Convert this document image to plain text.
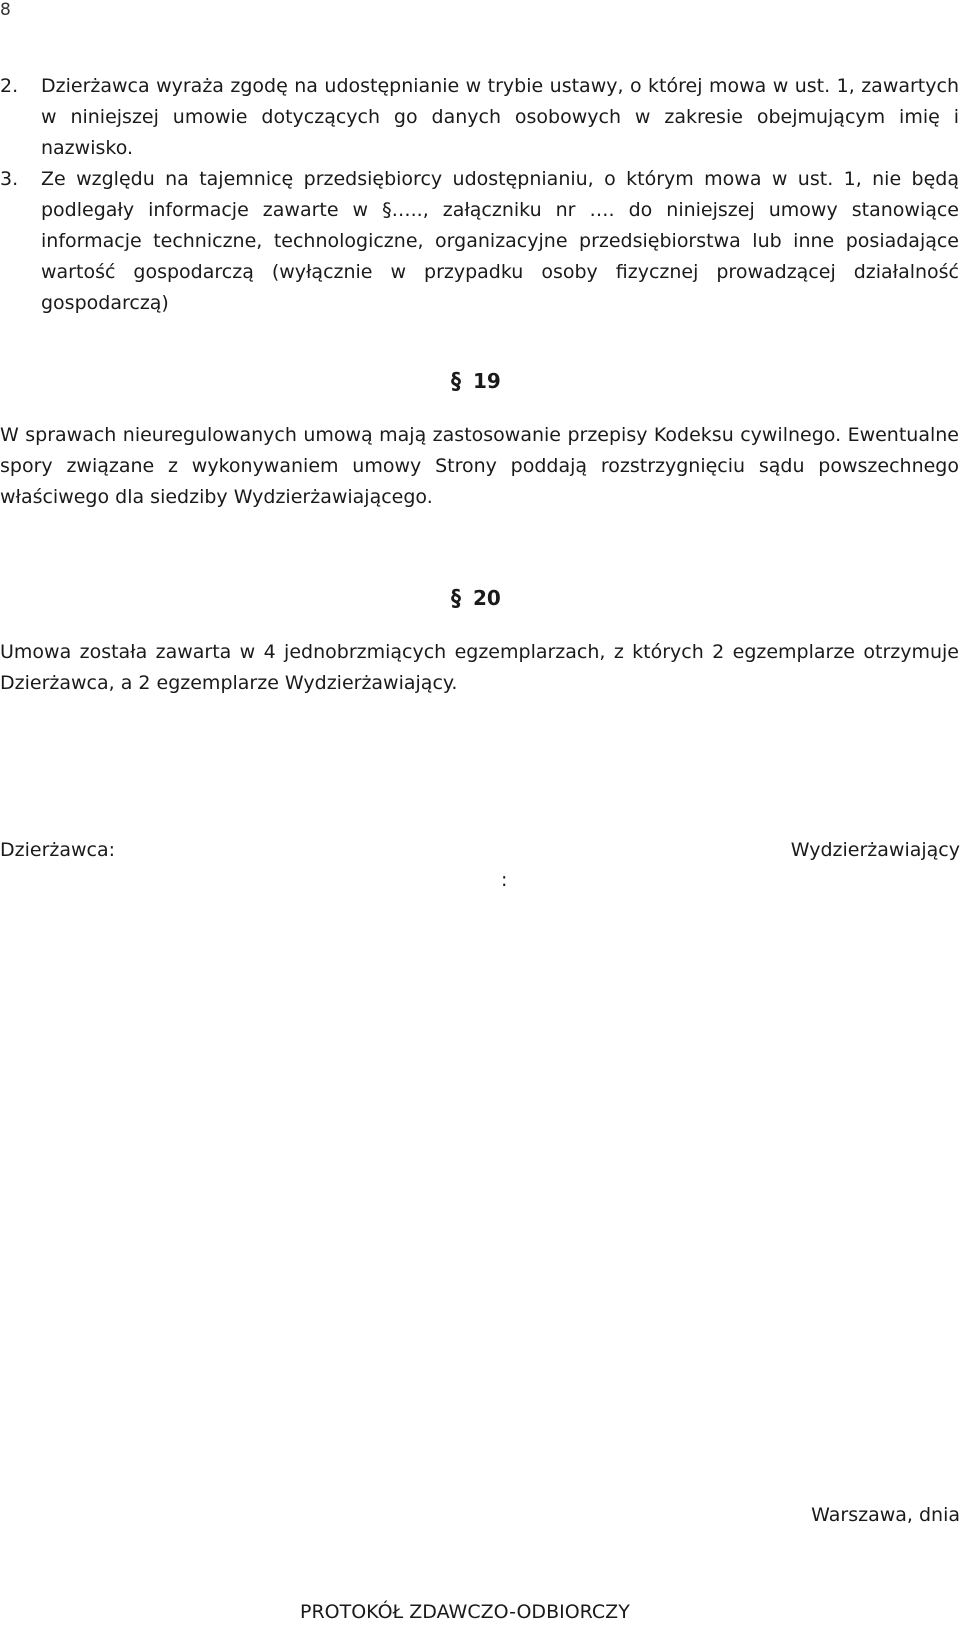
8
2. Dzierżawca wyraża zgodę na udostępnianie w trybie ustawy, o której mowa w ust. 1, zawartych w niniejszej umowie dotyczących go danych osobowych w zakresie obejmującym imię i nazwisko.
3. Ze względu na tajemnicę przedsiębiorcy udostępnianiu, o którym mowa w ust. 1, nie będą podlegały informacje zawarte w §….., załączniku nr …. do niniejszej umowy stanowiące informacje techniczne, technologiczne, organizacyjne przedsiębiorstwa lub inne posiadające wartość gospodarczą (wyłącznie w przypadku osoby fizycznej prowadzącej działalność gospodarczą)
§ 19
W sprawach nieuregulowanych umową mają zastosowanie przepisy Kodeksu cywilnego. Ewentualne spory związane z wykonywaniem umowy Strony poddają rozstrzygnięciu sądu powszechnego właściwego dla siedziby Wydzierżawiającego.
§ 20
Umowa została zawarta w 4 jednobrzmiących egzemplarzach, z których 2 egzemplarze otrzymuje Dzierżawca, a 2 egzemplarze Wydzierżawiający.
Dzierżawca:
:
Wydzierżawiający
Warszawa, dnia
PROTOKÓŁ ZDAWCZO-ODBIORCZY
